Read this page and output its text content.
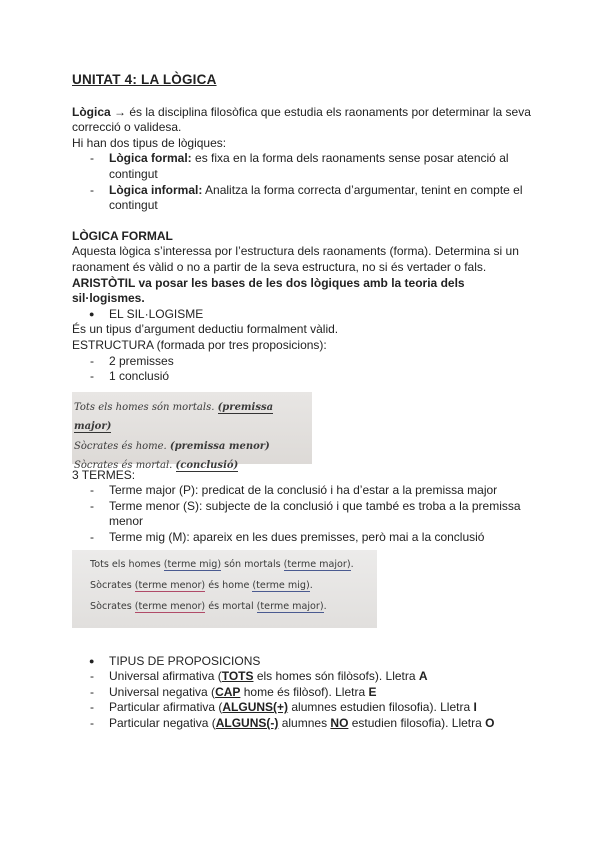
UNITAT 4: LA LÒGICA

Lògica → és la disciplina filosòfica que estudia els raonaments por determinar la seva correcció o validesa.

Hi han dos tipus de lògiques:

- Lògica formal: es fixa en la forma dels raonaments sense posar atenció al contingut
- Lògica informal: Analitza la forma correcta d’argumentar, tenint en compte el contingut

LÒGICA FORMAL

Aquesta lògica s’interessa por l’estructura dels raonaments (forma). Determina si un raonament és vàlid o no a partir de la seva estructura, no si és vertader o fals.

ARISTÒTIL va posar les bases de les dos lògiques amb la teoria dels sil·logismes.

● EL SIL·LOGISME

És un tipus d’argument deductiu formalment vàlid.

ESTRUCTURA (formada por tres proposicions):

- 2 premisses
- 1 conclusió
Tots els homes són mortals. (premissa major)
Sòcrates és home. (premissa menor)
Sòcrates és mortal. (conclusió)

3 TERMES:

- Terme major (P): predicat de la conclusió i ha d’estar a la premissa major
- Terme menor (S): subjecte de la conclusió i que també es troba a la premissa menor
- Terme mig (M): apareix en les dues premisses, però mai a la conclusió
Tots els homes (terme mig) són mortals (terme major).
Sòcrates (terme menor) és home (terme mig).
Sòcrates (terme menor) és mortal (terme major).
● TIPUS DE PROPOSICIONS
- Universal afirmativa (TOTS els homes són filòsofs). Lletra A
- Universal negativa (CAP home és filòsof). Lletra E
- Particular afirmativa (ALGUNS(+) alumnes estudien filosofia). Lletra I
- Particular negativa (ALGUNS(-) alumnes NO estudien filosofia). Lletra O
